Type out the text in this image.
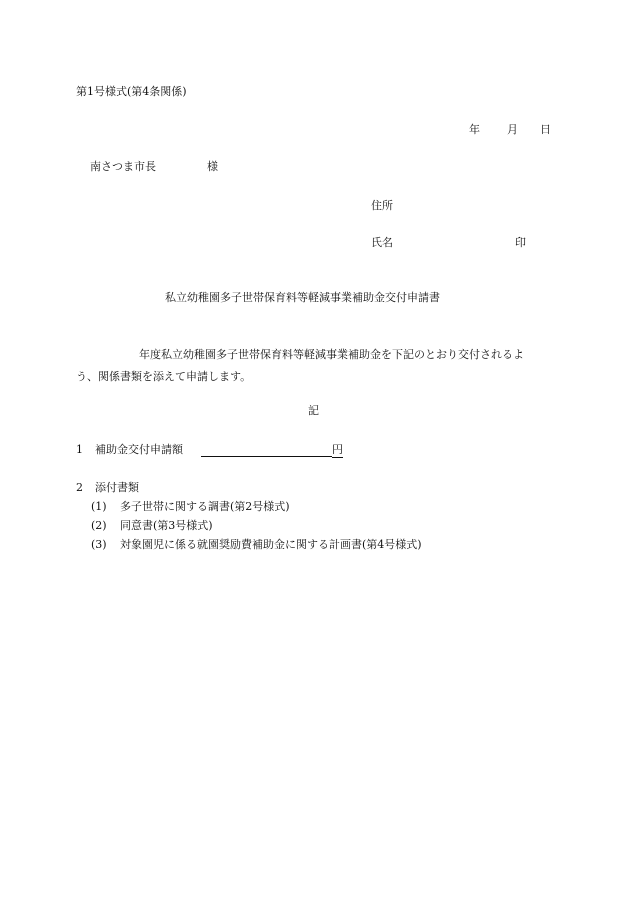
第1号様式(第4条関係)
年 月 日
南さつま市長	様
住所
氏名	印
私立幼稚園多子世帯保育料等軽減事業補助金交付申請書
年度私立幼稚園多子世帯保育料等軽減事業補助金を下記のとおり交付されるよ
う、関係書類を添えて申請します。
記
1 補助金交付申請額	円
2 添付書類
(1) 多子世帯に関する調書(第2号様式)
(2) 同意書(第3号様式)
(3) 対象園児に係る就園奨励費補助金に関する計画書(第4号様式)
